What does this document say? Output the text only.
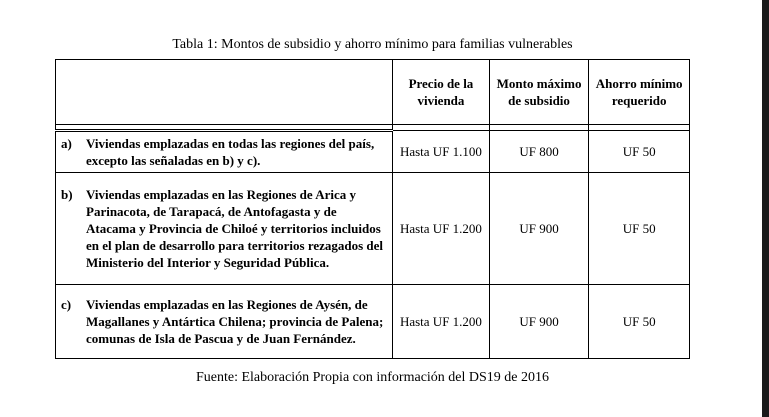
Tabla 1: Montos de subsidio y ahorro mínimo para familias vulnerables
	Precio de la vivienda	Monto máximo de subsidio	Ahorro mínimo requerido

a) Viviendas emplazadas en todas las regiones del país, excepto las señaladas en b) y c).	Hasta UF 1.100	UF 800	UF 50

b) Viviendas emplazadas en las Regiones de Arica y Parinacota, de Tarapacá, de Antofagasta y de Atacama y Provincia de Chiloé y territorios incluidos en el plan de desarrollo para territorios rezagados del Ministerio del Interior y Seguridad Pública.	Hasta UF 1.200	UF 900	UF 50

c) Viviendas emplazadas en las Regiones de Aysén, de Magallanes y Antártica Chilena; provincia de Palena; comunas de Isla de Pascua y de Juan Fernández.	Hasta UF 1.200	UF 900	UF 50
Fuente: Elaboración Propia con información del DS19 de 2016
